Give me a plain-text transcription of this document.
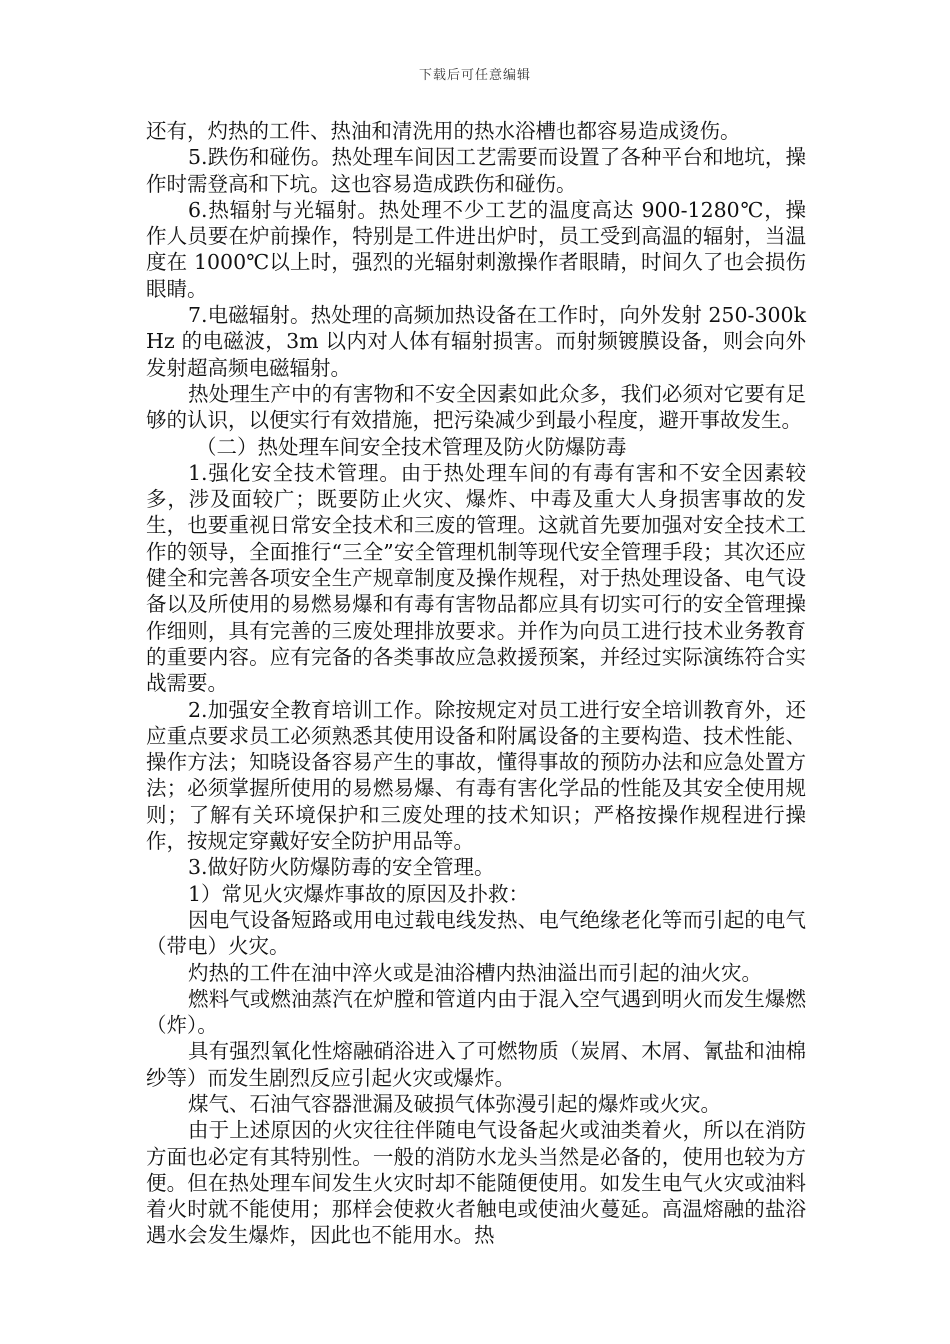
下载后可任意编辑

还有，灼热的工件、热油和清洗用的热水浴槽也都容易造成烫伤。

5.跌伤和碰伤。热处理车间因工艺需要而设置了各种平台和地坑，操作时需登高和下坑。这也容易造成跌伤和碰伤。

6.热辐射与光辐射。热处理不少工艺的温度高达 900-1280℃，操作人员要在炉前操作，特别是工件进出炉时，员工受到高温的辐射，当温度在 1000℃以上时，强烈的光辐射刺激操作者眼睛，时间久了也会损伤眼睛。

7.电磁辐射。热处理的高频加热设备在工作时，向外发射 250-300kHz 的电磁波，3m 以内对人体有辐射损害。而射频镀膜设备，则会向外发射超高频电磁辐射。

热处理生产中的有害物和不安全因素如此众多，我们必须对它要有足够的认识，以便实行有效措施，把污染减少到最小程度，避开事故发生。

（二）热处理车间安全技术管理及防火防爆防毒

1.强化安全技术管理。由于热处理车间的有毒有害和不安全因素较多，涉及面较广；既要防止火灾、爆炸、中毒及重大人身损害事故的发生，也要重视日常安全技术和三废的管理。这就首先要加强对安全技术工作的领导，全面推行“三全”安全管理机制等现代安全管理手段；其次还应健全和完善各项安全生产规章制度及操作规程，对于热处理设备、电气设备以及所使用的易燃易爆和有毒有害物品都应具有切实可行的安全管理操作细则，具有完善的三废处理排放要求。并作为向员工进行技术业务教育的重要内容。应有完备的各类事故应急救援预案，并经过实际演练符合实战需要。

2.加强安全教育培训工作。除按规定对员工进行安全培训教育外，还应重点要求员工必须熟悉其使用设备和附属设备的主要构造、技术性能、操作方法；知晓设备容易产生的事故，懂得事故的预防办法和应急处置方法；必须掌握所使用的易燃易爆、有毒有害化学品的性能及其安全使用规则；了解有关环境保护和三废处理的技术知识；严格按操作规程进行操作，按规定穿戴好安全防护用品等。

3.做好防火防爆防毒的安全管理。

1）常见火灾爆炸事故的原因及扑救：

因电气设备短路或用电过载电线发热、电气绝缘老化等而引起的电气（带电）火灾。

灼热的工件在油中淬火或是油浴槽内热油溢出而引起的油火灾。

燃料气或燃油蒸汽在炉膛和管道内由于混入空气遇到明火而发生爆燃（炸）。

具有强烈氧化性熔融硝浴进入了可燃物质（炭屑、木屑、氰盐和油棉纱等）而发生剧烈反应引起火灾或爆炸。

煤气、石油气容器泄漏及破损气体弥漫引起的爆炸或火灾。

由于上述原因的火灾往往伴随电气设备起火或油类着火，所以在消防方面也必定有其特别性。一般的消防水龙头当然是必备的，使用也较为方便。但在热处理车间发生火灾时却不能随便使用。如发生电气火灾或油料着火时就不能使用；那样会使救火者触电或使油火蔓延。高温熔融的盐浴遇水会发生爆炸，因此也不能用水。热
